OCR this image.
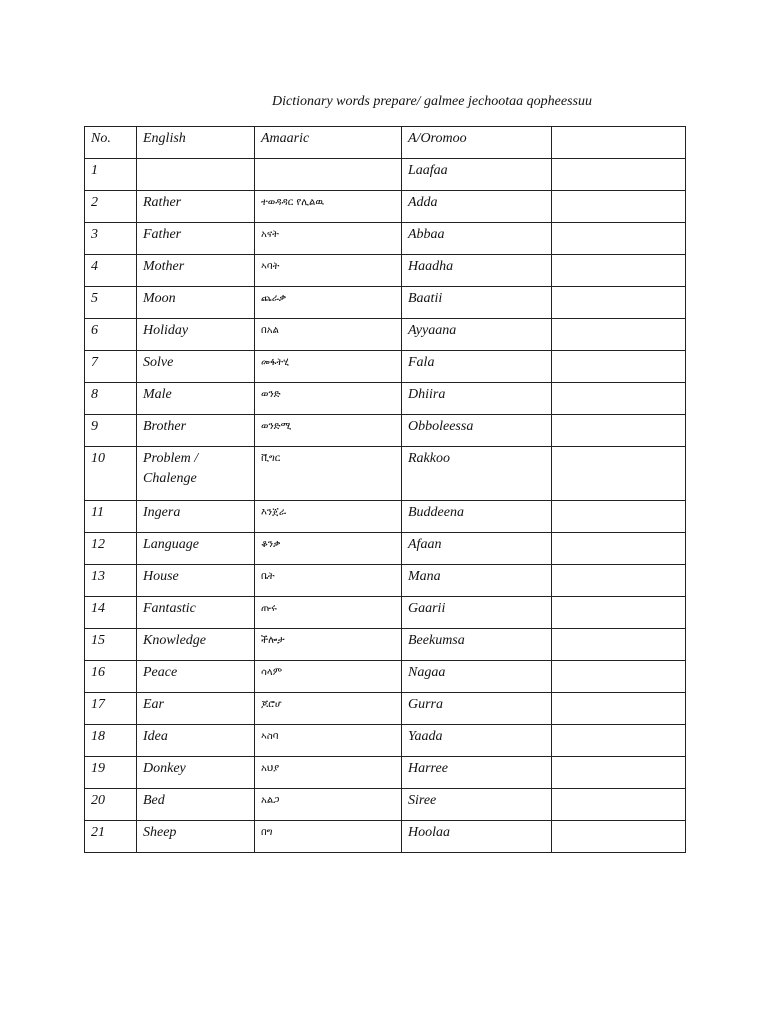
Dictionary words prepare/ galmee jechootaa qopheessuu
No.	English	Amaaric	A/Oromoo	
1			Laafaa	
2	Rather	ተወዳዳር የሊልዉ	Adda	
3	Father	አናት	Abbaa	
4	Mother	ኣባት	Haadha	
5	Moon	ጨራቃ	Baatii	
6	Holiday	በአል	Ayyaana	
7	Solve	መፋትሂ	Fala	
8	Male	ወንድ	Dhiira	
9	Brother	ወንድሚ	Obboleessa	
10	Problem / Chalenge	ቪግር	Rakkoo	
11	Ingera	እንጀራ	Buddeena	
12	Language	ቆንቃ	Afaan	
13	House	ቤት	Mana	
14	Fantastic	ጡሩ	Gaarii	
15	Knowledge	ችሎታ	Beekumsa	
16	Peace	ሳላም	Nagaa	
17	Ear	ጆሮሆ	Gurra	
18	Idea	ኣስባ	Yaada	
19	Donkey	አህያ	Harree	
20	Bed	አልጋ	Siree	
21	Sheep	በግ	Hoolaa	
